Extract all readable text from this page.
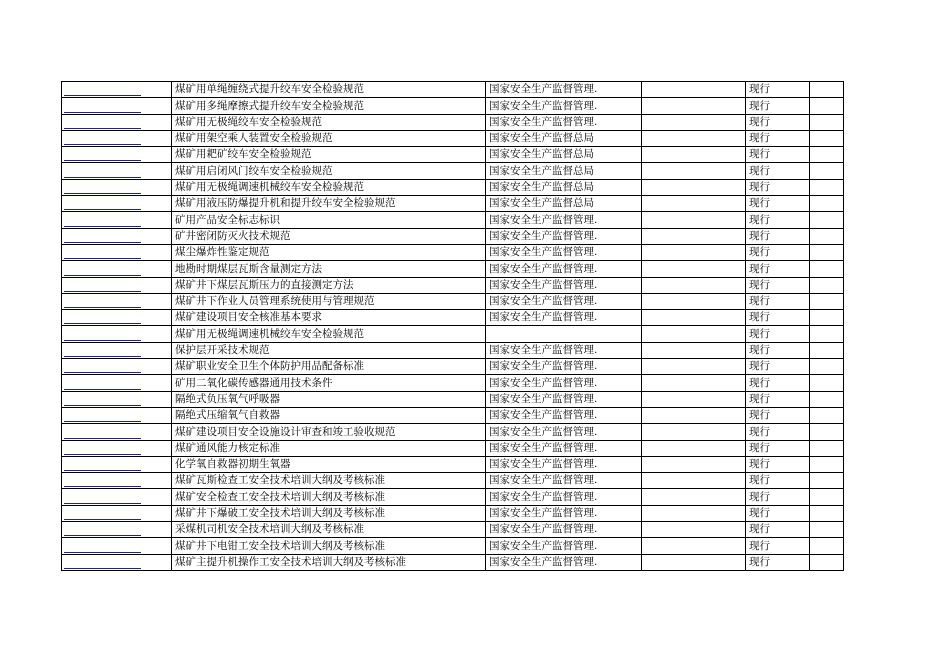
	煤矿用单绳缠绕式提升绞车安全检验规范	国家安全生产监督管理.		现行	

	煤矿用多绳摩擦式提升绞车安全检验规范	国家安全生产监督管理.		现行	

	煤矿用无极绳绞车安全检验规范	国家安全生产监督管理.		现行	

	煤矿用架空乘人装置安全检验规范	国家安全生产监督总局		现行	

	煤矿用耙矿绞车安全检验规范	国家安全生产监督总局		现行	

	煤矿用启闭风门绞车安全检验规范	国家安全生产监督总局		现行	

	煤矿用无极绳调速机械绞车安全检验规范	国家安全生产监督总局		现行	

	煤矿用液压防爆提升机和提升绞车安全检验规范	国家安全生产监督总局		现行	

	矿用产品安全标志标识	国家安全生产监督管理.		现行	

	矿井密闭防灭火技术规范	国家安全生产监督管理.		现行	

	煤尘爆炸性鉴定规范	国家安全生产监督管理.		现行	

	地勘时期煤层瓦斯含量测定方法	国家安全生产监督管理.		现行	

	煤矿井下煤层瓦斯压力的直接测定方法	国家安全生产监督管理.		现行	

	煤矿井下作业人员管理系统使用与管理规范	国家安全生产监督管理.		现行	

	煤矿建设项目安全核准基本要求	国家安全生产监督管理.		现行	

	煤矿用无极绳调速机械绞车安全检验规范			现行	

	保护层开采技术规范	国家安全生产监督管理.		现行	

	煤矿职业安全卫生个体防护用品配备标准	国家安全生产监督管理.		现行	

	矿用二氧化碳传感器通用技术条件	国家安全生产监督管理.		现行	

	隔绝式负压氧气呼吸器	国家安全生产监督管理.		现行	

	隔绝式压缩氧气自救器	国家安全生产监督管理.		现行	

	煤矿建设项目安全设施设计审查和竣工验收规范	国家安全生产监督管理.		现行	

	煤矿通风能力核定标准	国家安全生产监督管理.		现行	

	化学氧自救器初期生氧器	国家安全生产监督管理.		现行	

	煤矿瓦斯检查工安全技术培训大纲及考核标准	国家安全生产监督管理.		现行	

	煤矿安全检查工安全技术培训大纲及考核标准	国家安全生产监督管理.		现行	

	煤矿井下爆破工安全技术培训大纲及考核标准	国家安全生产监督管理.		现行	

	采煤机司机安全技术培训大纲及考核标准	国家安全生产监督管理.		现行	

	煤矿井下电钳工安全技术培训大纲及考核标准	国家安全生产监督管理.		现行	

	煤矿主提升机操作工安全技术培训大纲及考核标准	国家安全生产监督管理.		现行	
